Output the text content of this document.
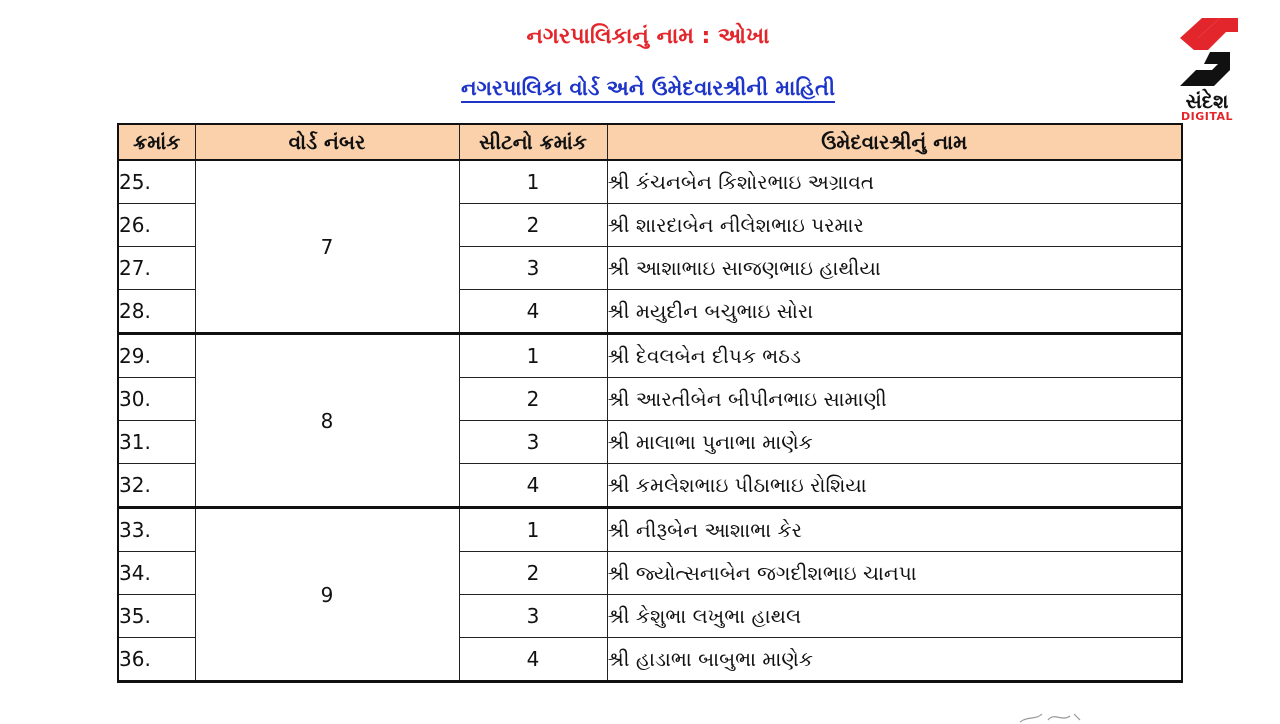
નગરપાલિકાનું નામ : ઓખા
નગરપાલિકા વોર્ડ અને ઉમેદવારશ્રીની માહિતી
સંદેશ
DIGITAL
ક્રમાંક	વોર્ડ નંબર	સીટનો ક્રમાંક	ઉમેદવારશ્રીનું નામ
25.	7	1	શ્રી કંચનબેન કિશોરભાઇ અગ્રાવત
26.		2	શ્રી શારદાબેન નીલેશભાઇ પરમાર
27.		3	શ્રી આશાભાઇ સાજણભાઇ હાથીયા
28.		4	શ્રી મયુદીન બચુભાઇ સોરા
29.	8	1	શ્રી દેવલબેન દીપક ભઠડ
30.		2	શ્રી આરતીબેન બીપીનભાઇ સામાણી
31.		3	શ્રી માલાભા પુનાભા માણેક
32.		4	શ્રી કમલેશભાઇ પીઠાભાઇ રોશિયા
33.	9	1	શ્રી નીરૂબેન આશાભા કેર
34.		2	શ્રી જ્યોત્સનાબેન જગદીશભાઇ ચાનપા
35.		3	શ્રી કેશુભા લખુભા હાથલ
36.		4	શ્રી હાડાભા બાબુભા માણેક
